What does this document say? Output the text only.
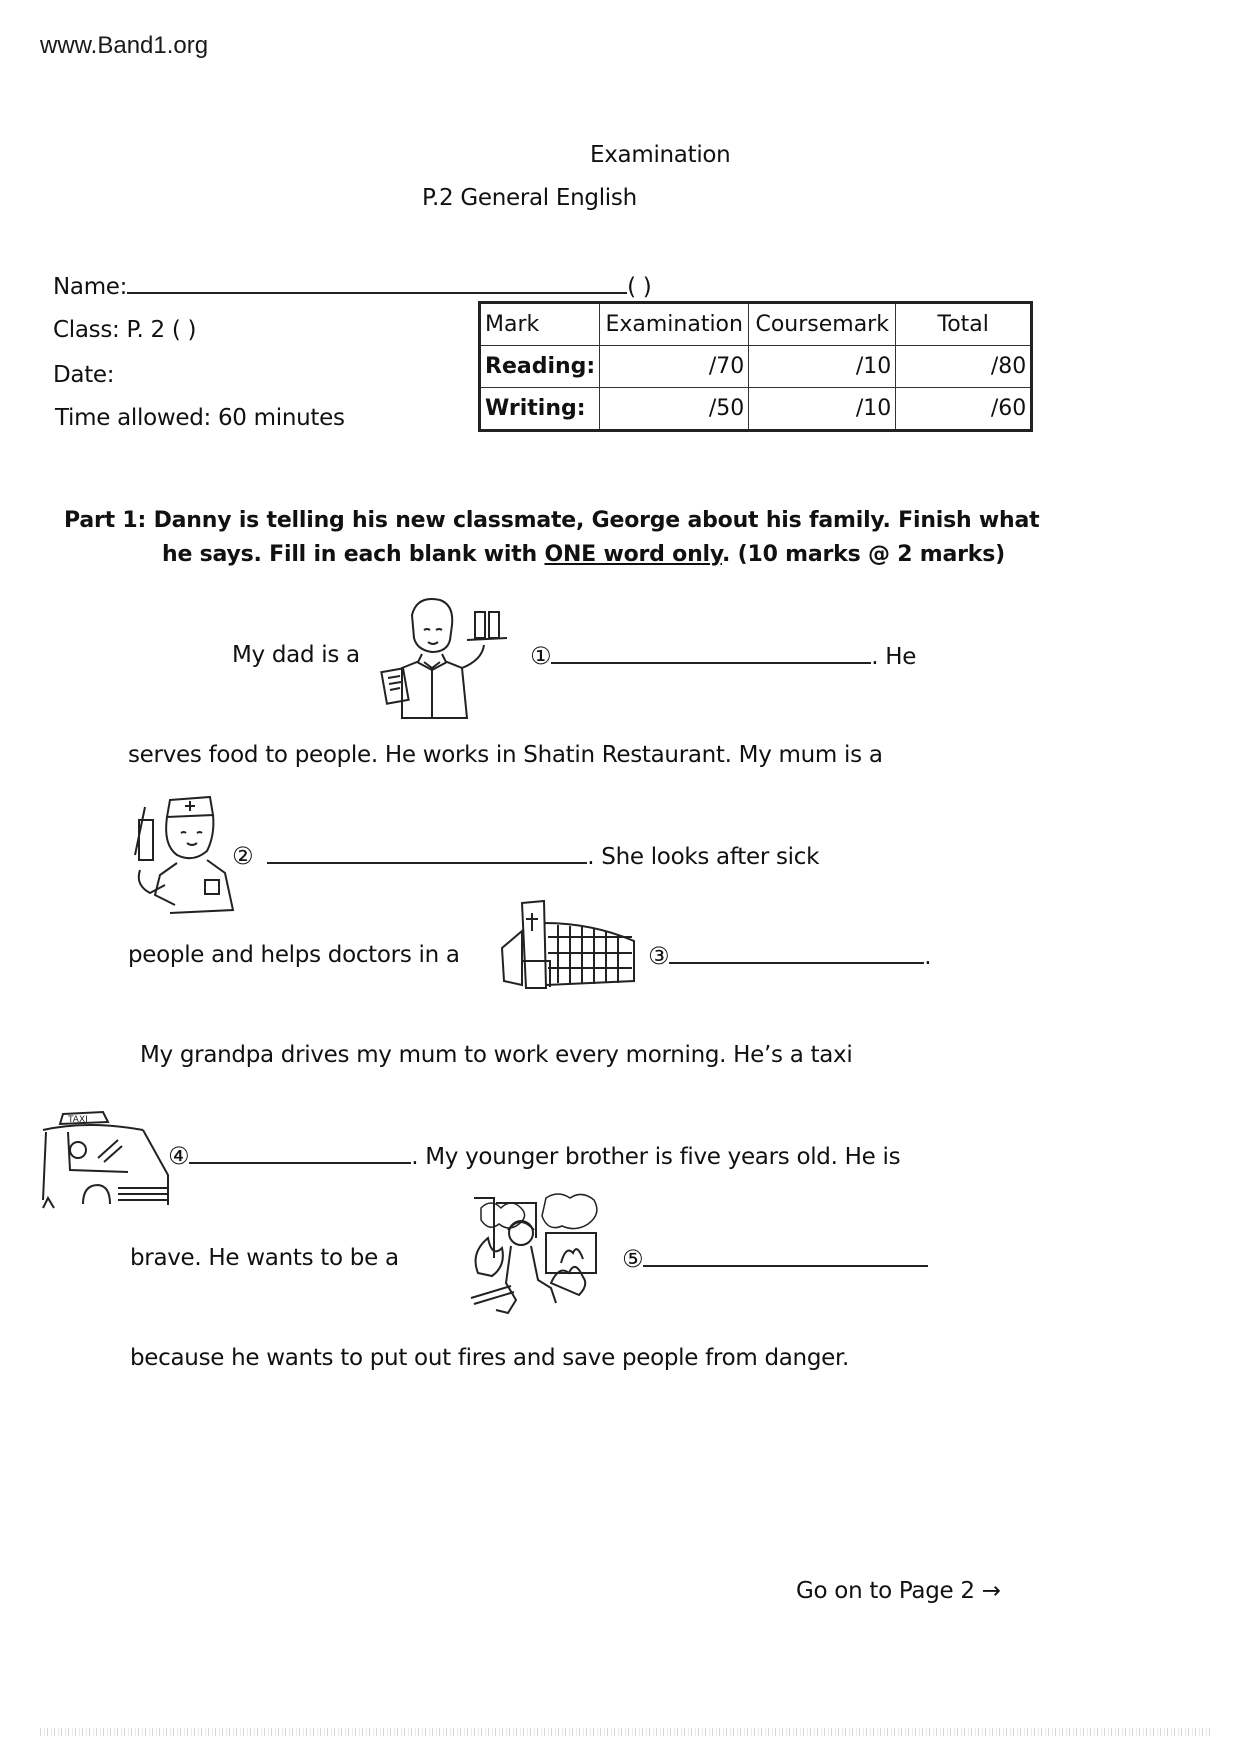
www.Band1.org
Examination
P.2 General English
Name:	( )
Class: P. 2 ( )
Date:
Time allowed: 60 minutes
Mark	Examination	Coursemark	Total
Reading:	/70	/10	/80
Writing:	/50	/10	/60
Part 1: Danny is telling his new classmate, George about his family. Finish what
he says. Fill in each blank with ONE word only. (10 marks @ 2 marks)
My dad is a	①	. He
serves food to people. He works in Shatin Restaurant. My mum is a
②	. She looks after sick
people and helps doctors in a	③	.
My grandpa drives my mum to work every morning. He’s a taxi
TAXI
④	. My younger brother is five years old. He is
brave. He wants to be a	⑤
because he wants to put out fires and save people from danger.
Go on to Page 2 →
